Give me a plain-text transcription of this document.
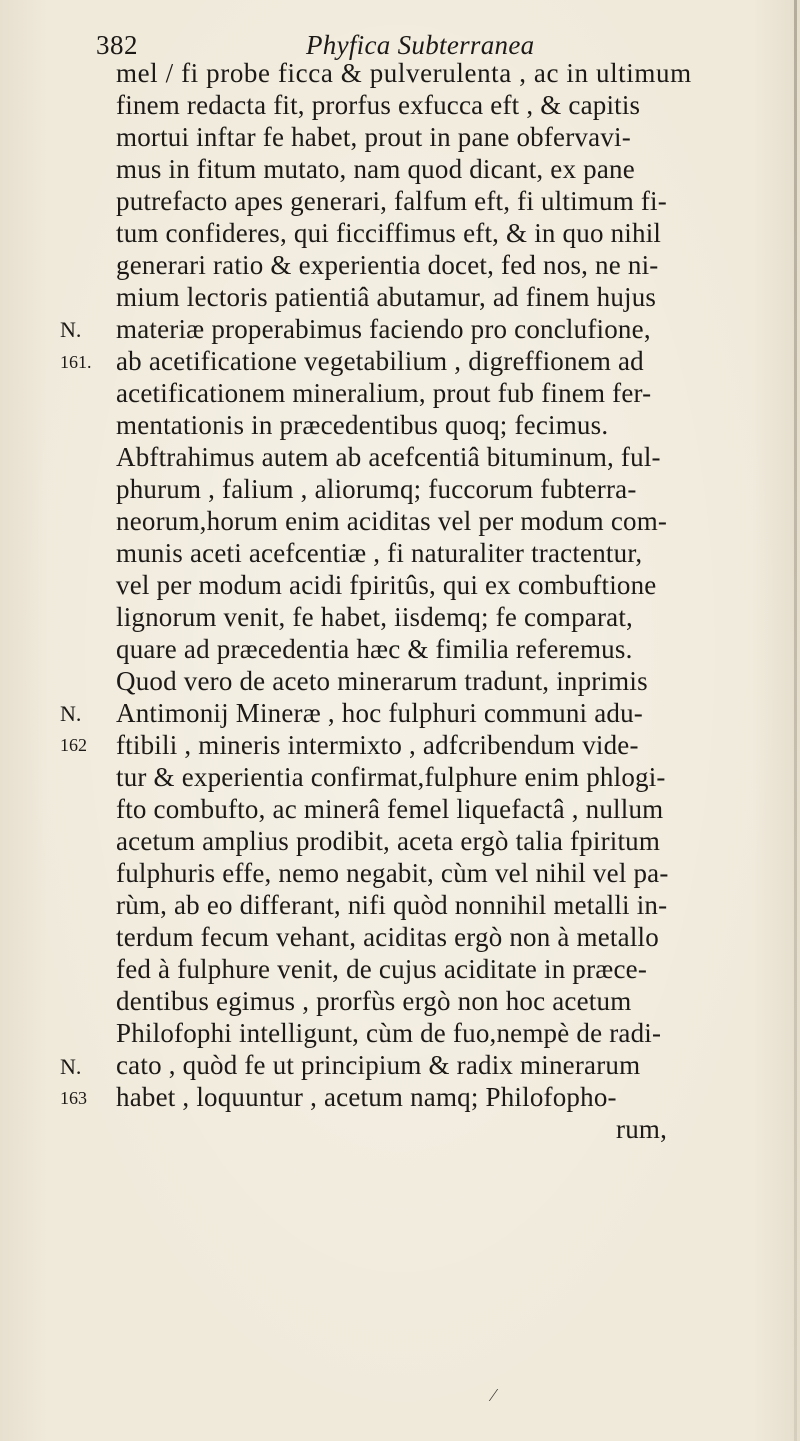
382	Phyfica Subterranea
mel / fi probe ficca & pulverulenta , ac in ultimum
finem redacta fit, prorfus exfucca eft , & capitis
mortui inftar fe habet, prout in pane obfervavi-
mus in fitum mutato, nam quod dicant, ex pane
putrefacto apes generari, falfum eft, fi ultimum fi-
tum confideres, qui ficciffimus eft, & in quo nihil
generari ratio & experientia docet, fed nos, ne ni-
mium lectoris patientiâ abutamur, ad finem hujus
materiæ properabimus faciendo pro conclufione,
ab acetificatione vegetabilium , digreffionem ad
acetificationem mineralium, prout fub finem fer-
mentationis in præcedentibus quoq; fecimus.
Abftrahimus autem ab acefcentiâ bituminum, ful-
phurum , falium , aliorumq; fuccorum fubterra-
neorum,horum enim aciditas vel per modum com-
munis aceti acefcentiæ , fi naturaliter tractentur,
vel per modum acidi fpiritûs, qui ex combuftione
lignorum venit, fe habet, iisdemq; fe comparat,
quare ad præcedentia hæc & fimilia referemus.
Quod vero de aceto minerarum tradunt, inprimis
Antimonij Mineræ , hoc fulphuri communi adu-
ftibili , mineris intermixto , adfcribendum vide-
tur & experientia confirmat,fulphure enim phlogi-
fto combufto, ac minerâ femel liquefactâ , nullum
acetum amplius prodibit, aceta ergò talia fpiritum
fulphuris effe, nemo negabit, cùm vel nihil vel pa-
rùm, ab eo differant, nifi quòd nonnihil metalli in-
terdum fecum vehant, aciditas ergò non à metallo
fed à fulphure venit, de cujus aciditate in præce-
dentibus egimus , prorfùs ergò non hoc acetum
Philofophi intelligunt, cùm de fuo,nempè de radi-
cato , quòd fe ut principium & radix minerarum
habet , loquuntur , acetum namq; Philofopho-
rum,
N.
161.
N.
162
N.
163
⁄
